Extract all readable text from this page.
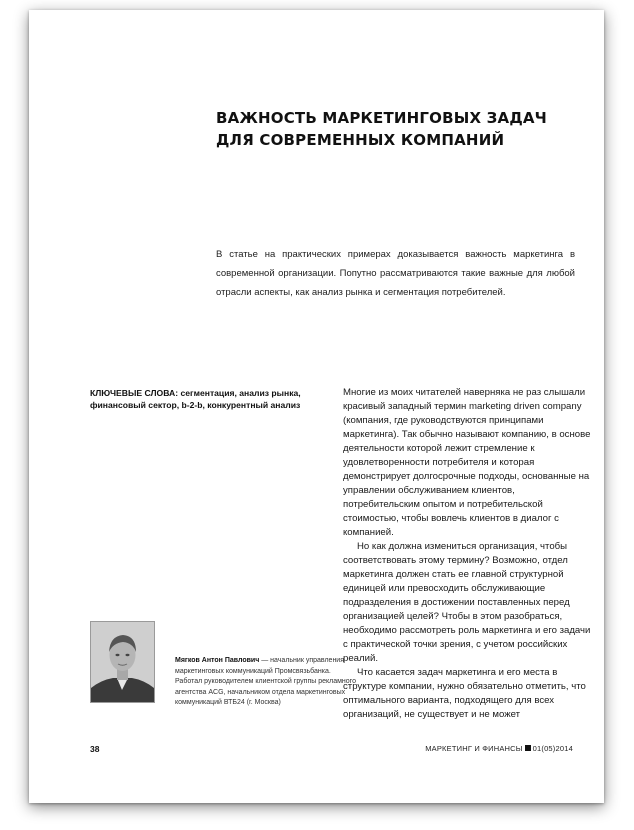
ВАЖНОСТЬ МАРКЕТИНГОВЫХ ЗАДАЧ
ДЛЯ СОВРЕМЕННЫХ КОМПАНИЙ
В статье на практических примерах доказывается важность маркетинга в современной организации. Попутно рассматриваются такие важные для любой отрасли аспекты, как анализ рынка и сегментация потребителей.
КЛЮЧЕВЫЕ СЛОВА: сегментация, анализ рынка, финансовый сектор, b-2-b, конкурентный анализ

Многие из моих читателей наверняка не раз слышали красивый западный термин marketing driven company (компания, где руководствуются принципами маркетинга). Так обычно называют компанию, в основе деятельности которой лежит стремление к удовлетворенности потребителя и которая демонстрирует долгосрочные подходы, основанные на управлении обслуживанием клиентов, потребительским опытом и потребительской стоимостью, чтобы вовлечь клиентов в диалог с компанией.

Но как должна измениться организация, чтобы соответствовать этому термину? Возможно, отдел маркетинга должен стать ее главной структурной единицей или превосходить обслуживающие подразделения в достижении поставленных перед организацией целей? Чтобы в этом разобраться, необходимо рассмотреть роль маркетинга и его задачи с практической точки зрения, с учетом российских реалий.

Что касается задач маркетинга и его места в структуре компании, нужно обязательно отметить, что оптимального варианта, подходящего для всех организаций, не существует и не может

Мягков Антон Павлович — начальник управления маркетинговых коммуникаций Промсвязьбанка. Работал руководителем клиентской группы рекламного агентства ACG, начальником отдела маркетинговых коммуникаций ВТБ24 (г. Москва)
38	МАРКЕТИНГ И ФИНАНСЫ 01(05)2014
